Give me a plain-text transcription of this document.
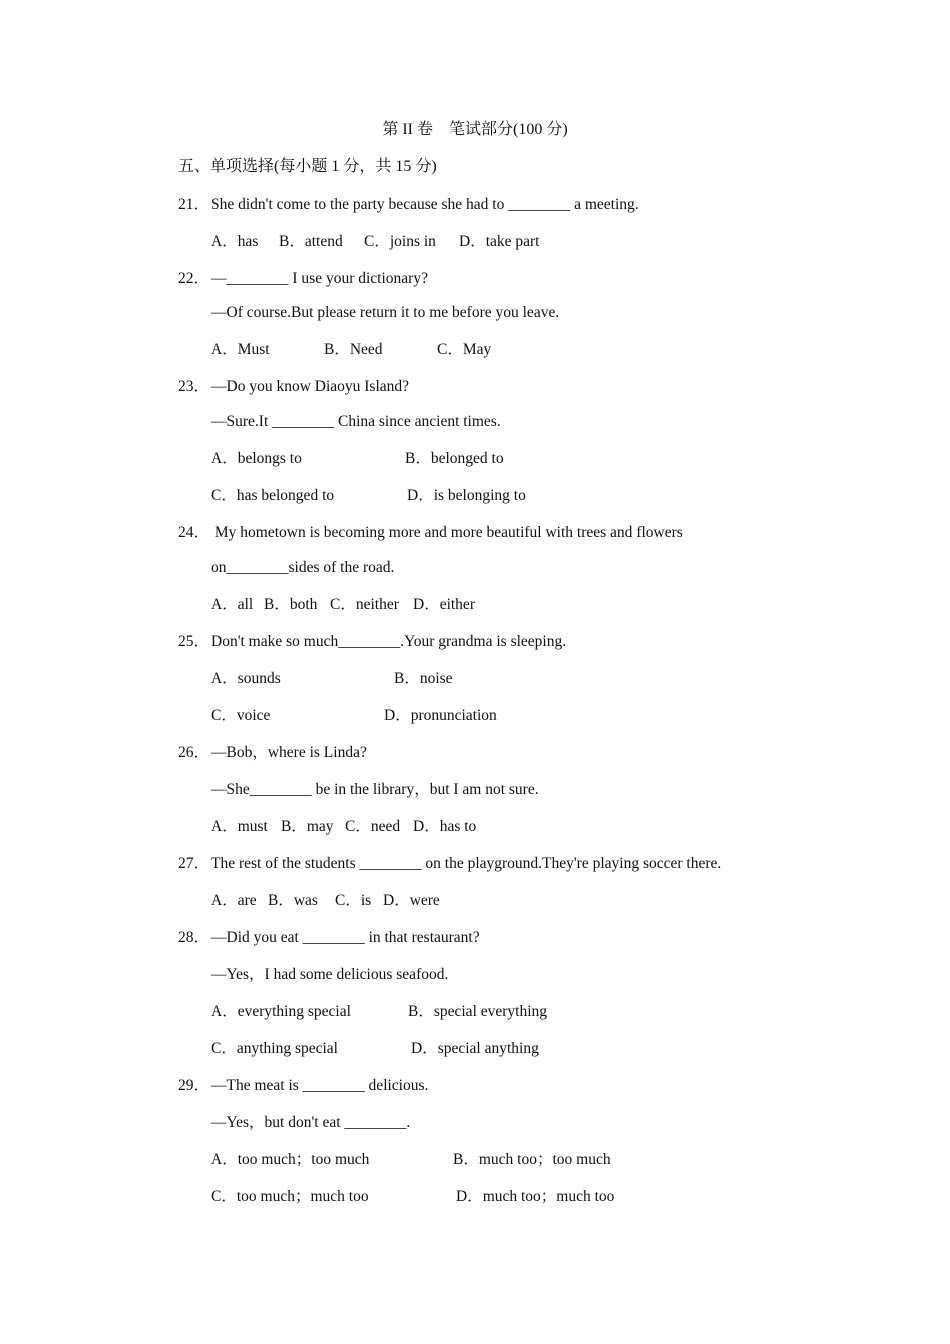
第 II 卷　笔试部分(100 分)
五、单项选择(每小题 1 分，共 15 分)
21． She didn't come to the party because she had to ________ a meeting.
A．has B．attend C．joins in D．take part
22． —________ I use your dictionary?
—Of course.But please return it to me before you leave.
A．Must	B．Need	C．May
23． —Do you know Diaoyu Island?
—Sure.It ________ China since ancient times.
A．belongs to	B．belonged to
C．has belonged to	D．is belonging to
24． My hometown is becoming more and more beautiful with trees and flowers
on________sides of the road.
A．all B．both C．neither D．either
25． Don't make so much________.Your grandma is sleeping.
A．sounds	B．noise
C．voice	D．pronunciation
26． —Bob，where is Linda?
—She________ be in the library，but I am not sure.
A．must B．may C．need D．has to
27． The rest of the students ________ on the playground.They're playing soccer there.
A．are B．was C．is D．were
28． —Did you eat ________ in that restaurant?
—Yes，I had some delicious seafood.
A．everything special	B．special everything
C．anything special	D．special anything
29． —The meat is ________ delicious.
—Yes，but don't eat ________.
A．too much；too much	B．much too；too much
C．too much；much too	D．much too；much too
